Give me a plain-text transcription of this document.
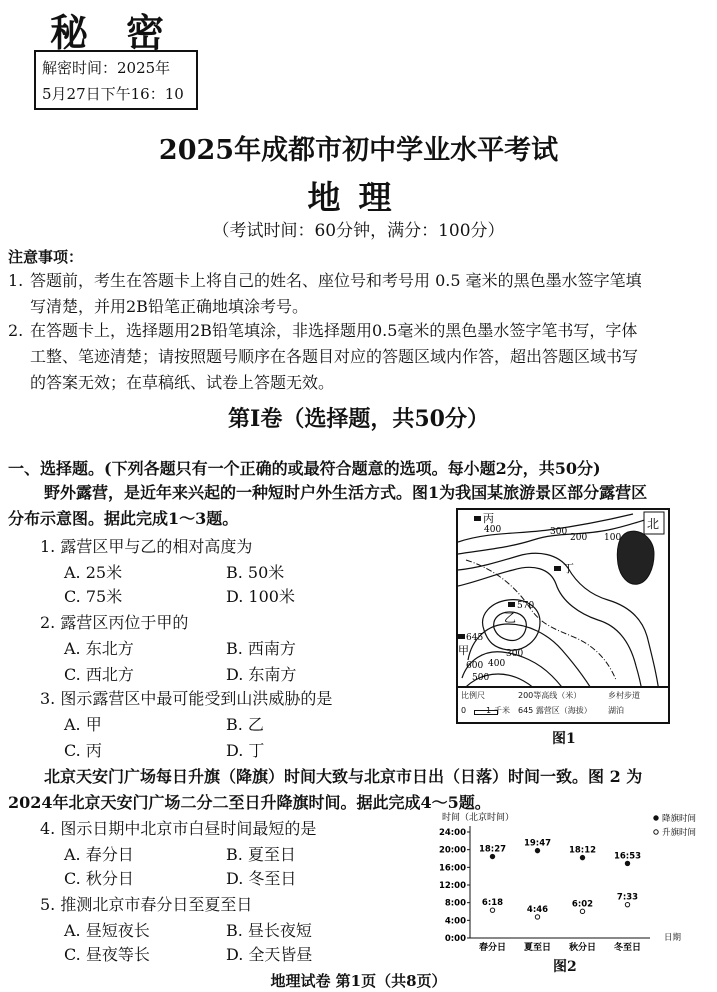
秘密
解密时间：2025年
5月27日下午16：10
2025年成都市初中学业水平考试
地理
（考试时间：60分钟，满分：100分）
注意事项：
1. 答题前，考生在答题卡上将自己的姓名、座位号和考号用 0.5 毫米的黑色墨水签字笔填
写清楚，并用2B铅笔正确地填涂考号。
2. 在答题卡上，选择题用2B铅笔填涂，非选择题用0.5毫米的黑色墨水签字笔书写，字体
工整、笔迹清楚；请按照题号顺序在各题目对应的答题区域内作答，超出答题区域书写
的答案无效；在草稿纸、试卷上答题无效。
第Ⅰ卷（选择题，共50分）
一、选择题。(下列各题只有一个正确的或最符合题意的选项。每小题2分，共50分)
野外露营，是近年来兴起的一种短时户外生活方式。图1为我国某旅游景区部分露营区
分布示意图。据此完成1～3题。
1. 露营区甲与乙的相对高度为
A. 25米	B. 50米
C. 75米	D. 100米
2. 露营区丙位于甲的
A. 东北方	B. 西南方
C. 西北方	D. 东南方
3. 图示露营区中最可能受到山洪威胁的是
A. 甲	B. 乙
C. 丙	D. 丁
北
丙
丁
570
乙
645
甲
400	300
200 100
600
500
400
300
比例尺
0 1 千米
200等高线（米）	乡村步道
645 露营区（海拔） 湖泊
图1
北京天安门广场每日升旗（降旗）时间大致与北京市日出（日落）时间一致。图 2 为
2024年北京天安门广场二分二至日升降旗时间。据此完成4～5题。
4. 图示日期中北京市白昼时间最短的是
A. 春分日	B. 夏至日
C. 秋分日	D. 冬至日
5. 推测北京市春分日至夏至日
A. 昼短夜长	B. 昼长夜短
C. 昼夜等长	D. 全天皆昼
时间（北京时间）
24:00
20:00
16:00
12:00
8:00
4:00
0:00	日期
春分日 夏至日 秋分日 冬至日
18:27
19:47
18:12
16:53
6:18
4:46
6:02
7:33
降旗时间
升旗时间
图2
地理试卷 第1页（共8页）
